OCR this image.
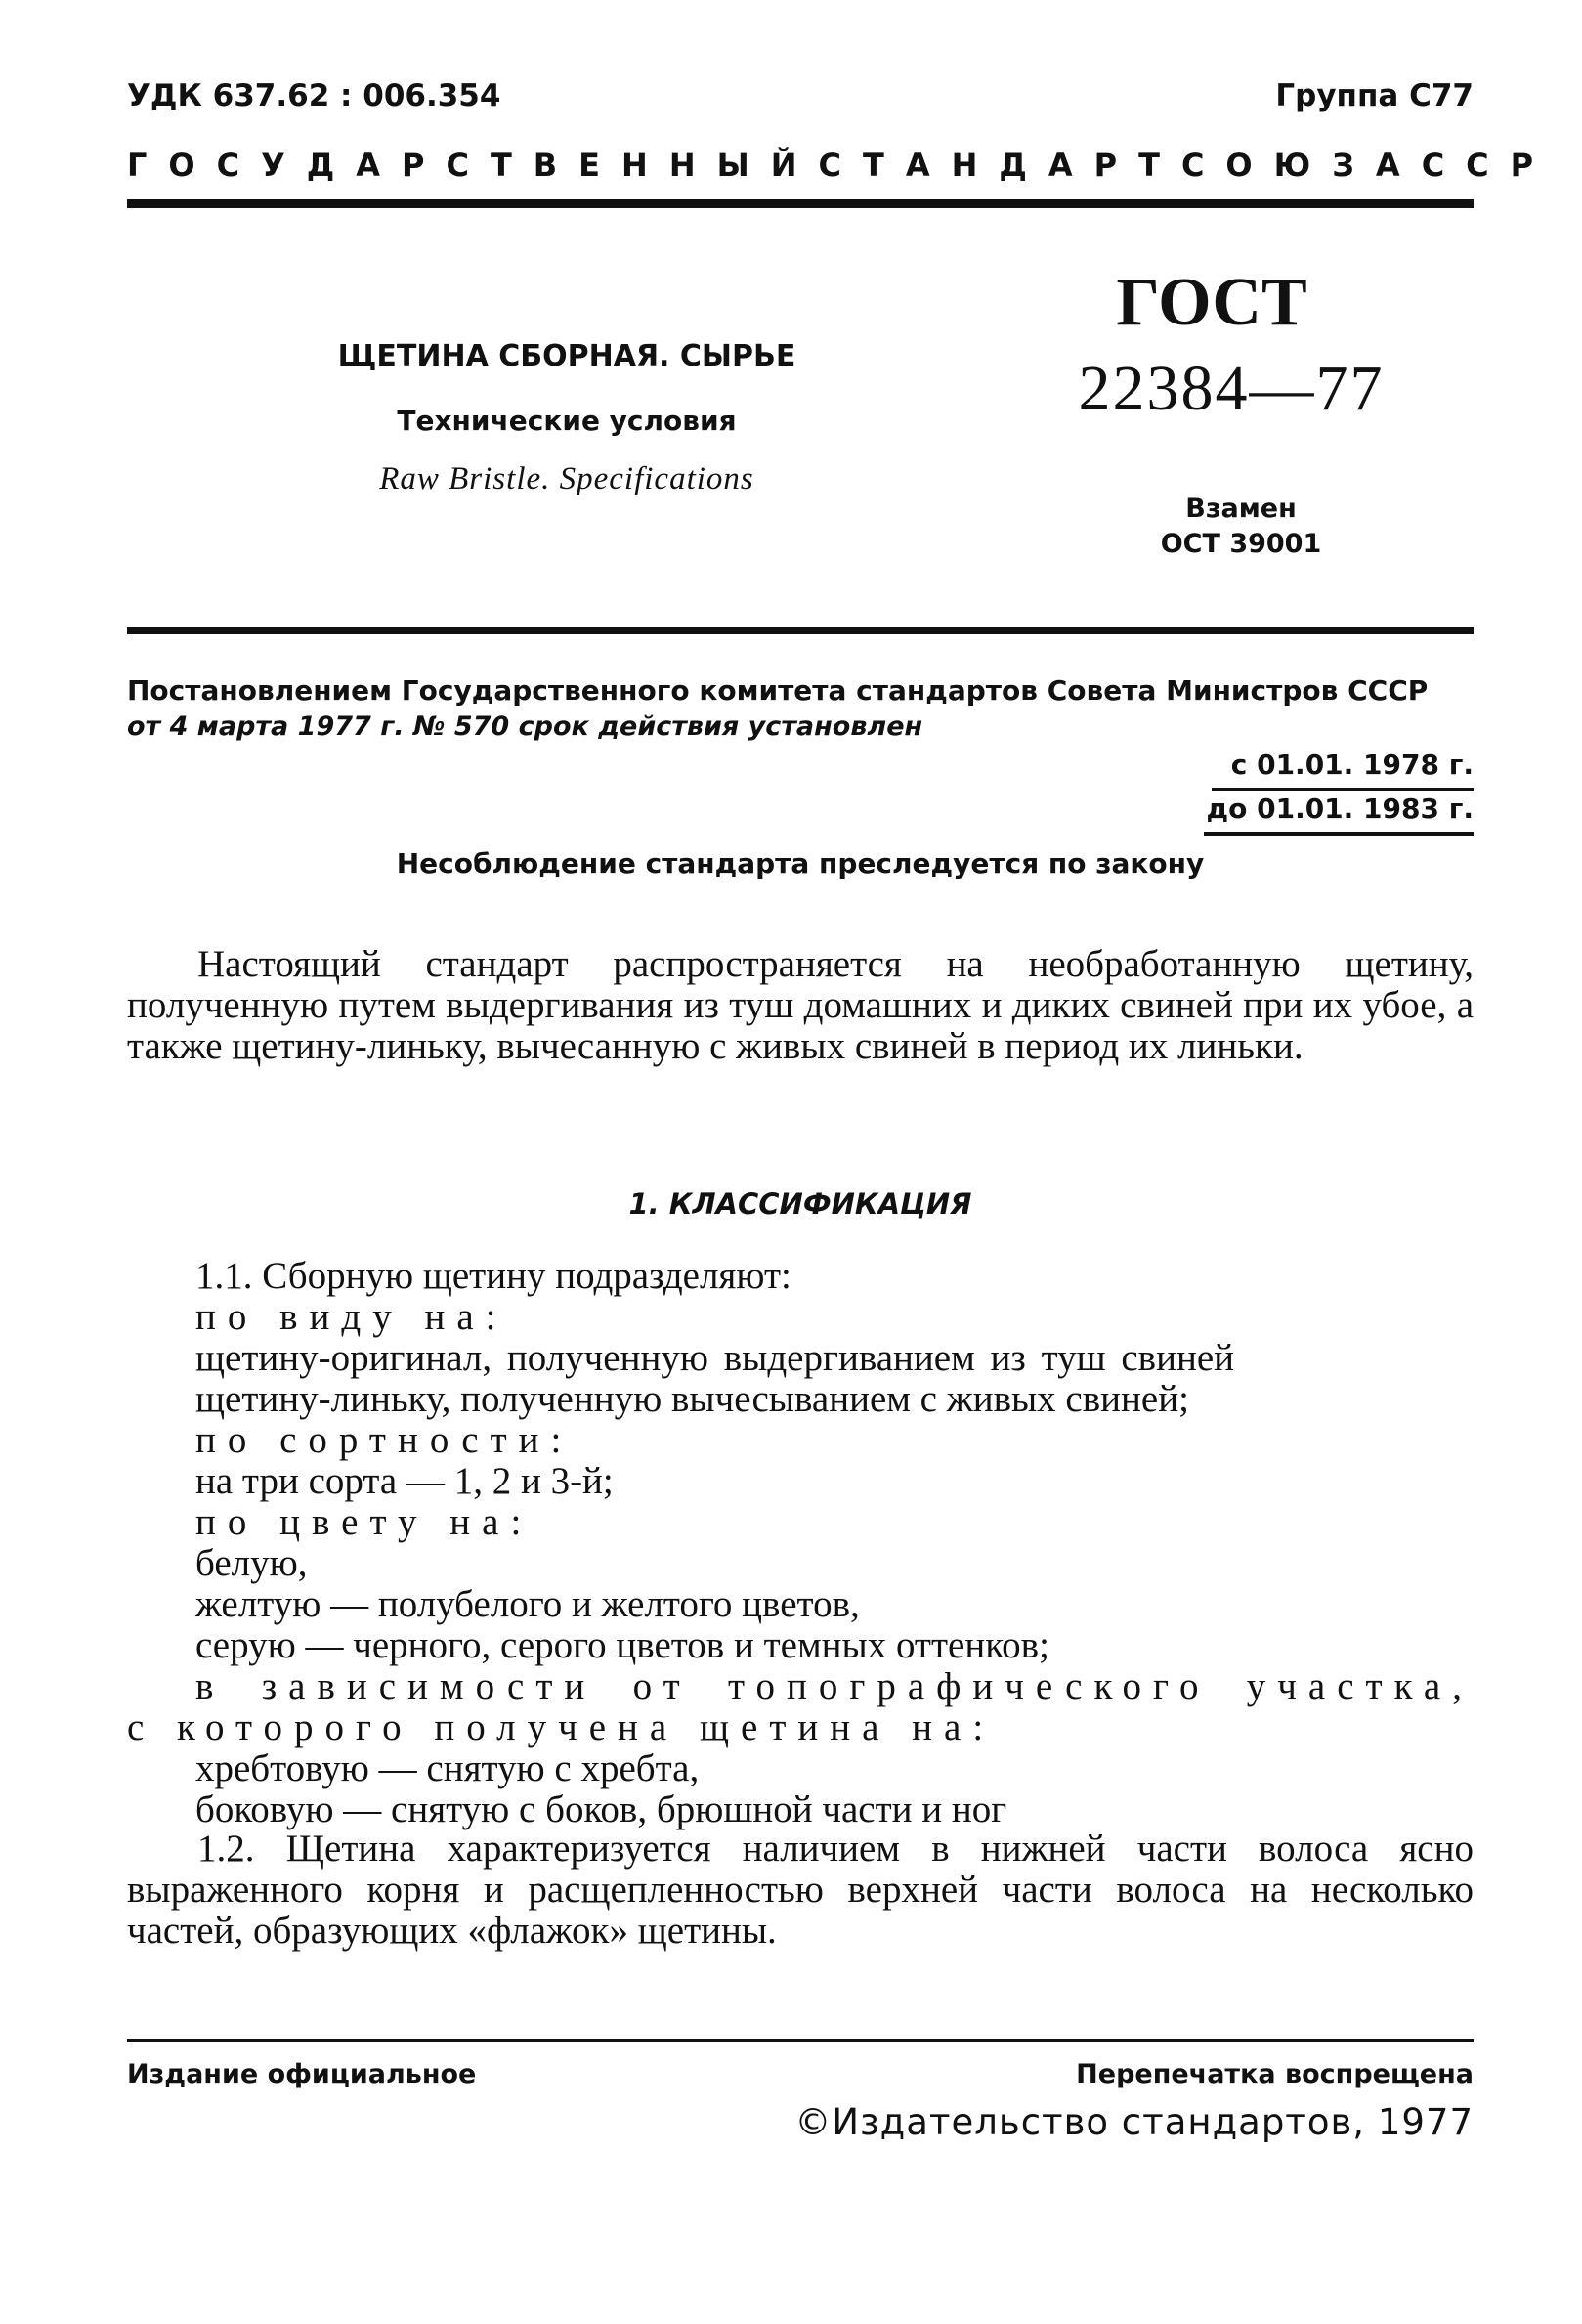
УДК 637.62 : 006.354	Группа С77
ГОСУДАРСТВЕННЫЙ СТАНДАРТ СОЮЗА ССР
ЩЕТИНА СБОРНАЯ. СЫРЬЕ
Технические условия
Raw Bristle. Specifications
ГОСТ
22384—77
Взамен
ОСТ 39001
Постановлением Государственного комитета стандартов Совета Министров СССР
от 4 марта 1977 г. № 570 срок действия установлен
с 01.01. 1978 г.
до 01.01. 1983 г.
Несоблюдение стандарта преследуется по закону
Настоящий стандарт распространяется на необработанную щетину, полученную путем выдергивания из туш домашних и диких свиней при их убое, а также щетину-линьку, вычесанную с живых свиней в период их линьки.
1. КЛАССИФИКАЦИЯ
1.1. Сборную щетину подразделяют:
по виду на:
щетину-оригинал, полученную выдергиванием из туш свиней
щетину-линьку, полученную вычесыванием с живых свиней;
по сортности:
на три сорта — 1, 2 и 3-й;
по цвету на:
белую,
желтую — полубелого и желтого цветов,
серую — черного, серого цветов и темных оттенков;
в зависимости от топографического участка,
с которого получена щетина на:
хребтовую — снятую с хребта,
боковую — снятую с боков, брюшной части и ног
1.2. Щетина характеризуется наличием в нижней части волоса ясно выраженного корня и расщепленностью верхней части волоса на несколько частей, образующих «флажок» щетины.
Издание официальное	Перепечатка воспрещена
©Издательство стандартов, 1977
